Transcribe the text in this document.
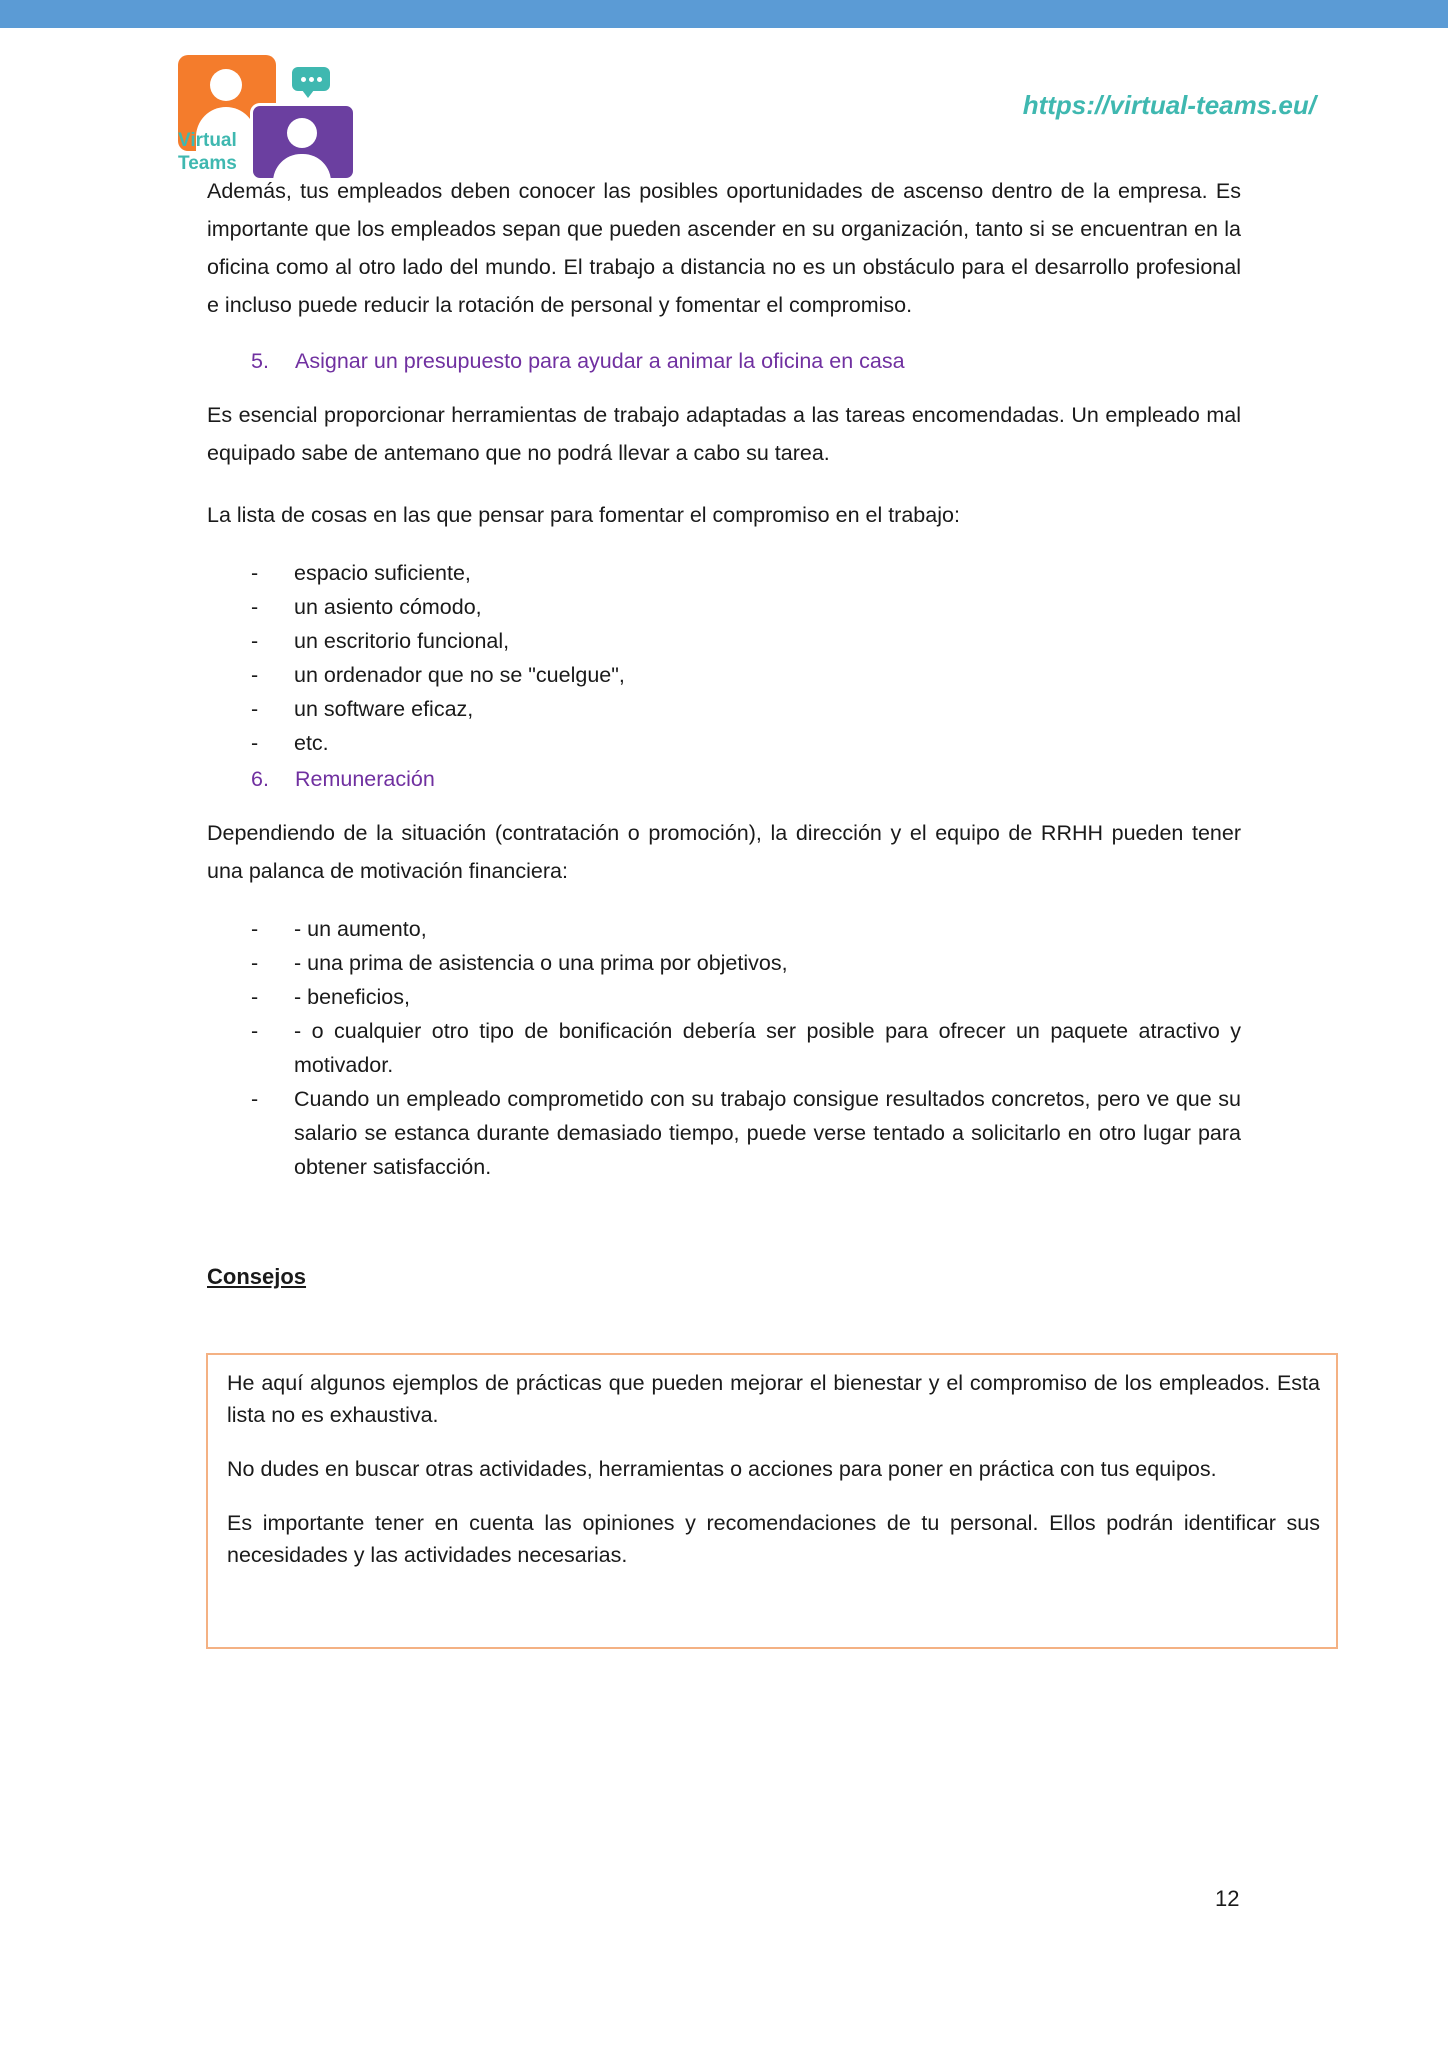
Virtual
Teams
https://virtual-teams.eu/

Además, tus empleados deben conocer las posibles oportunidades de ascenso dentro de la empresa. Es importante que los empleados sepan que pueden ascender en su organización, tanto si se encuentran en la oficina como al otro lado del mundo. El trabajo a distancia no es un obstáculo para el desarrollo profesional e incluso puede reducir la rotación de personal y fomentar el compromiso.

5.	Asignar un presupuesto para ayudar a animar la oficina en casa

Es esencial proporcionar herramientas de trabajo adaptadas a las tareas encomendadas. Un empleado mal equipado sabe de antemano que no podrá llevar a cabo su tarea.

La lista de cosas en las que pensar para fomentar el compromiso en el trabajo:

- espacio suficiente,
- un asiento cómodo,
- un escritorio funcional,
- un ordenador que no se "cuelgue",
- un software eficaz,
- etc.
6.	Remuneración

Dependiendo de la situación (contratación o promoción), la dirección y el equipo de RRHH pueden tener una palanca de motivación financiera:

- - un aumento,
- - una prima de asistencia o una prima por objetivos,
- - beneficios,
- - o cualquier otro tipo de bonificación debería ser posible para ofrecer un paquete atractivo y motivador.
- Cuando un empleado comprometido con su trabajo consigue resultados concretos, pero ve que su salario se estanca durante demasiado tiempo, puede verse tentado a solicitarlo en otro lugar para obtener satisfacción.
Consejos

He aquí algunos ejemplos de prácticas que pueden mejorar el bienestar y el compromiso de los empleados. Esta lista no es exhaustiva.

No dudes en buscar otras actividades, herramientas o acciones para poner en práctica con tus equipos.

Es importante tener en cuenta las opiniones y recomendaciones de tu personal. Ellos podrán identificar sus necesidades y las actividades necesarias.

12
